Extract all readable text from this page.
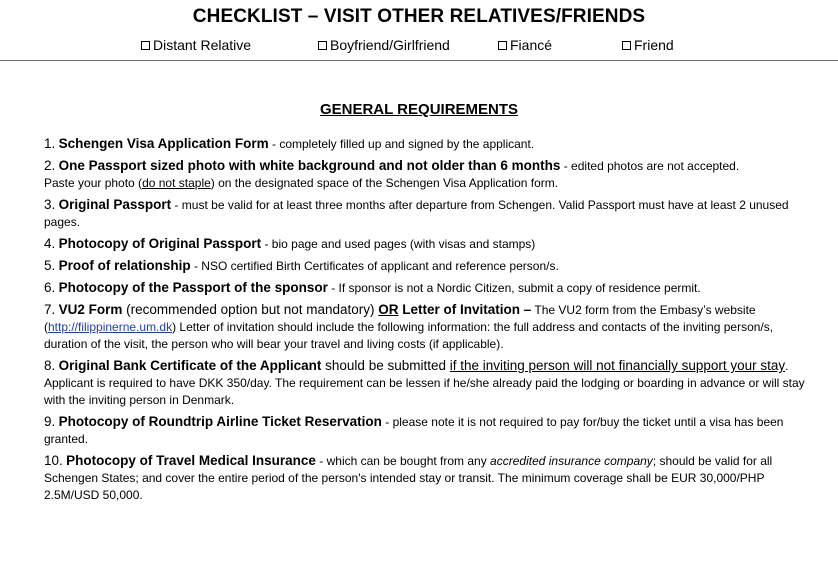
CHECKLIST – VISIT OTHER RELATIVES/FRIENDS
Distant Relative	Boyfriend/Girlfriend	Fiancé	Friend
GENERAL REQUIREMENTS
1. Schengen Visa Application Form - completely filled up and signed by the applicant.
2. One Passport sized photo with white background and not older than 6 months - edited photos are not accepted.
Paste your photo (do not staple) on the designated space of the Schengen Visa Application form.
3. Original Passport - must be valid for at least three months after departure from Schengen. Valid Passport must have at least 2 unused pages.
4. Photocopy of Original Passport - bio page and used pages (with visas and stamps)
5. Proof of relationship - NSO certified Birth Certificates of applicant and reference person/s.
6. Photocopy of the Passport of the sponsor - If sponsor is not a Nordic Citizen, submit a copy of residence permit.
7. VU2 Form (recommended option but not mandatory) OR Letter of Invitation – The VU2 form from the Embasy’s website (http://filippinerne.um.dk) Letter of invitation should include the following information: the full address and contacts of the inviting person/s, duration of the visit, the person who will bear your travel and living costs (if applicable).
8. Original Bank Certificate of the Applicant should be submitted if the inviting person will not financially support your stay. Applicant is required to have DKK 350/day. The requirement can be lessen if he/she already paid the lodging or boarding in advance or will stay with the inviting person in Denmark.
9. Photocopy of Roundtrip Airline Ticket Reservation - please note it is not required to pay for/buy the ticket until a visa has been granted.
10. Photocopy of Travel Medical Insurance - which can be bought from any accredited insurance company; should be valid for all Schengen States; and cover the entire period of the person's intended stay or transit. The minimum coverage shall be EUR 30,000/PHP 2.5M/USD 50,000.
